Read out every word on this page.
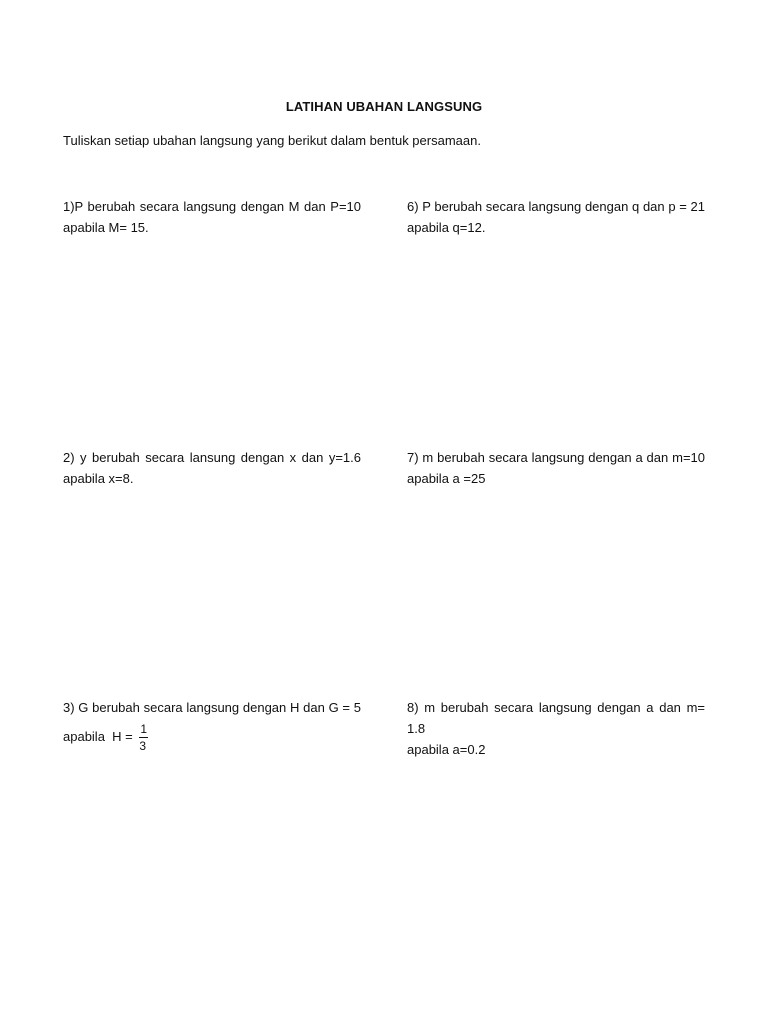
LATIHAN UBAHAN LANGSUNG
Tuliskan setiap ubahan langsung yang berikut dalam bentuk persamaan.
1)P berubah secara langsung dengan M dan P=10
apabila M= 15.
6) P berubah secara langsung dengan q dan p = 21
apabila q=12.
2) y berubah secara lansung dengan x dan y=1.6
apabila x=8.
7) m berubah secara langsung dengan a dan m=10
apabila a =25
3) G berubah secara langsung dengan H dan G = 5
apabila  $H = \frac{1}{3}$
8) m berubah secara langsung dengan a dan m= 1.8
apabila a=0.2
